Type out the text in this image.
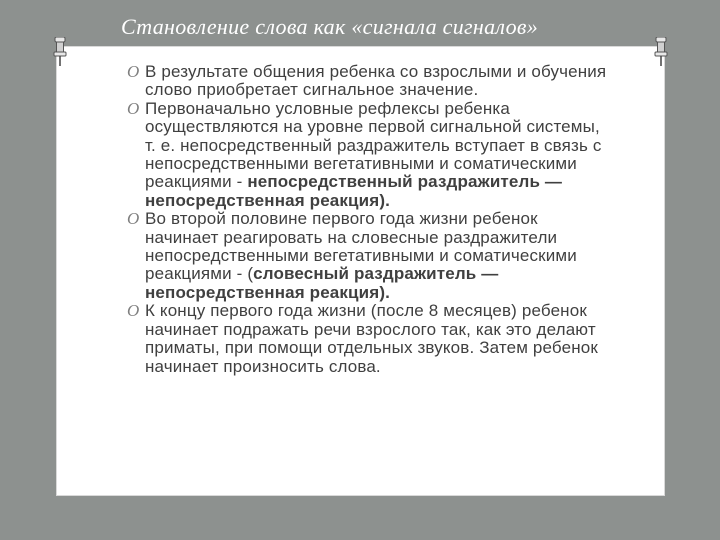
Становление слова как «сигнала сигналов»
O В результате общения ребенка со взрослыми и обучения слово приобретает сигнальное значение.
O Первоначально условные рефлексы ребенка осуществляются на уровне первой сигнальной системы, т. е. непосредственный раздражитель вступает в связь с непосредственными вегетативными и соматическими реакциями - непосредственный раздражитель — непосредственная реакция).
O Во второй половине первого года жизни ребенок начинает реагировать на словесные раздражители непосредственными вегетативными и соматическими реакциями - (словесный раздражитель — непосредственная реакция).
O К концу первого года жизни (после 8 месяцев) ребенок начинает подражать речи взрослого так, как это делают приматы, при помощи отдельных звуков. Затем ребенок начинает произносить слова.
